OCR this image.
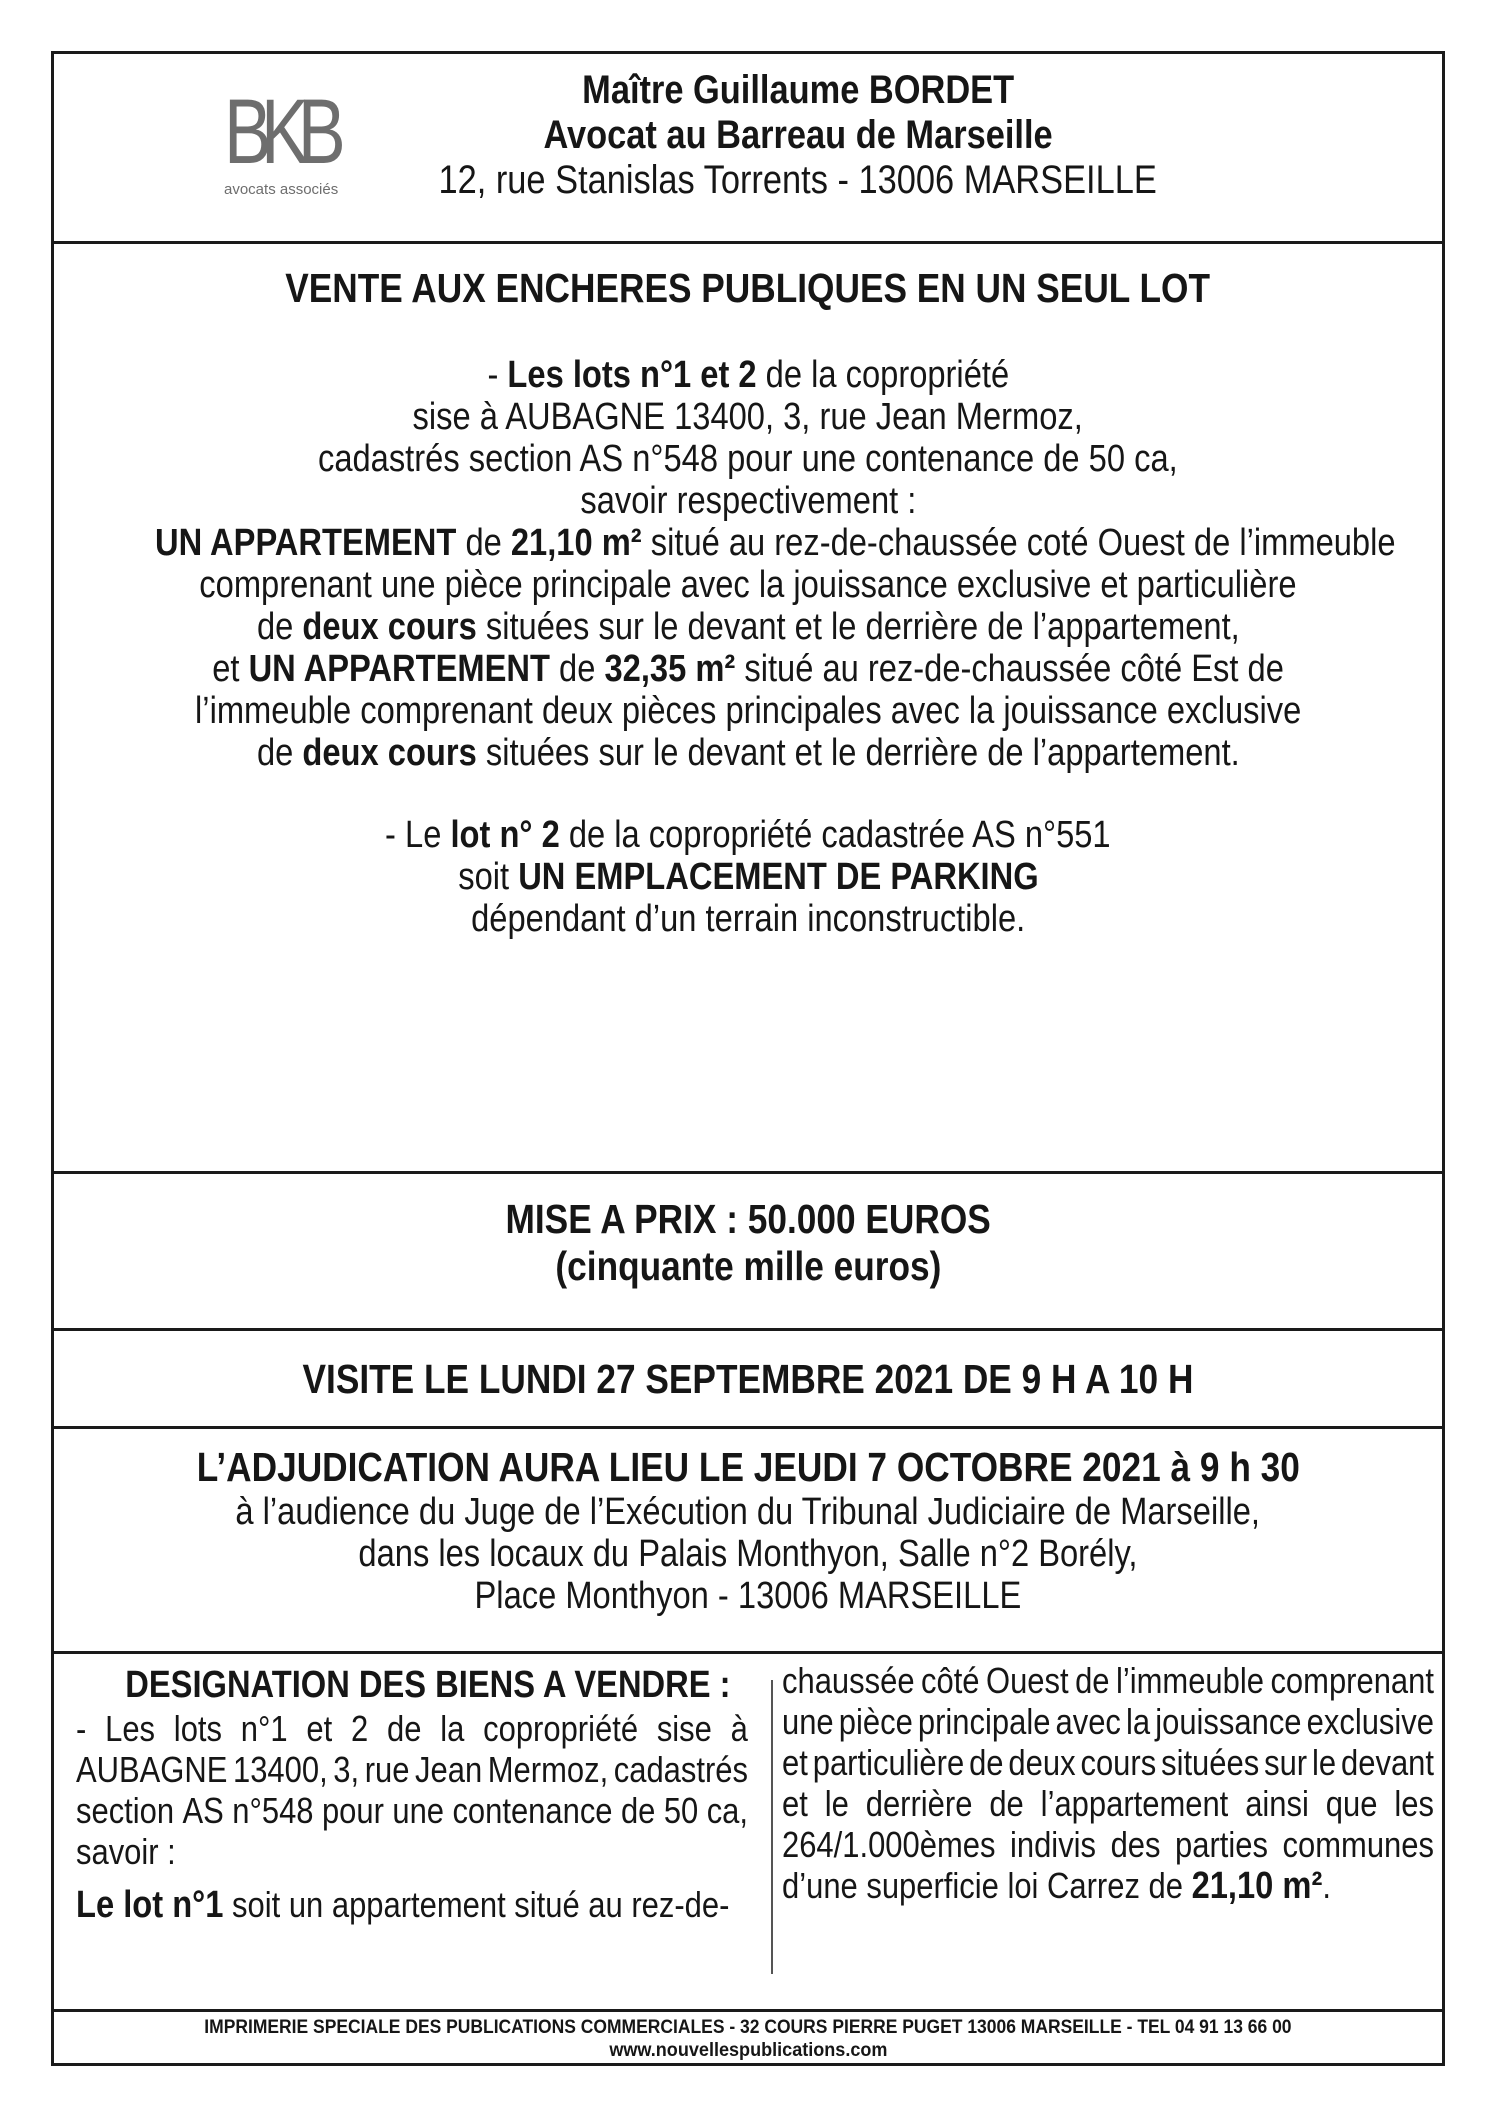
BKB
avocats associés
Maître Guillaume BORDET
Avocat au Barreau de Marseille
12, rue Stanislas Torrents - 13006 MARSEILLE
VENTE AUX ENCHERES PUBLIQUES EN UN SEUL LOT
- Les lots n°1 et 2 de la copropriété
sise à AUBAGNE 13400, 3, rue Jean Mermoz,
cadastrés section AS n°548 pour une contenance de 50 ca,
savoir respectivement :
UN APPARTEMENT de 21,10 m² situé au rez-de-chaussée coté Ouest de l’immeuble
comprenant une pièce principale avec la jouissance exclusive et particulière
de deux cours situées sur le devant et le derrière de l’appartement,
et UN APPARTEMENT de 32,35 m² situé au rez-de-chaussée côté Est de
l’immeuble comprenant deux pièces principales avec la jouissance exclusive
de deux cours situées sur le devant et le derrière de l’appartement.
- Le lot n° 2 de la copropriété cadastrée AS n°551
soit UN EMPLACEMENT DE PARKING
dépendant d’un terrain inconstructible.
MISE A PRIX : 50.000 EUROS
(cinquante mille euros)
VISITE LE LUNDI 27 SEPTEMBRE 2021 DE 9 H A 10 H
L’ADJUDICATION AURA LIEU LE JEUDI 7 OCTOBRE 2021 à 9 h 30
à l’audience du Juge de l’Exécution du Tribunal Judiciaire de Marseille,
dans les locaux du Palais Monthyon, Salle n°2 Borély,
Place Monthyon - 13006 MARSEILLE
DESIGNATION DES BIENS A VENDRE :
- Les lots n°1 et 2 de la copropriété sise à
AUBAGNE 13400, 3, rue Jean Mermoz, cadastrés
section AS n°548 pour une contenance de 50 ca,
savoir :
Le lot n°1 soit un appartement situé au rez-de-
chaussée côté Ouest de l’immeuble comprenant
une pièce principale avec la jouissance exclusive
et particulière de deux cours situées sur le devant
et le derrière de l’appartement ainsi que les
264/1.000èmes indivis des parties communes
d’une superficie loi Carrez de 21,10 m².
IMPRIMERIE SPECIALE DES PUBLICATIONS COMMERCIALES - 32 COURS PIERRE PUGET 13006 MARSEILLE - TEL 04 91 13 66 00
www.nouvellespublications.com
